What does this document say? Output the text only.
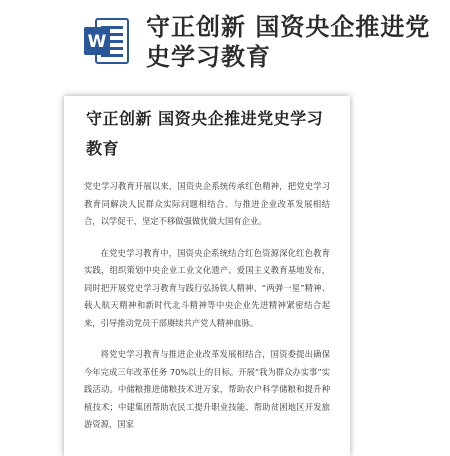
W
守正创新 国资央企推进党史学习教育
守正创新 国资央企推进党史学习教育

党史学习教育开展以来，国资央企系统传承红色精神，把党史学习教育同解决人民群众实际问题相结合、与推进企业改革发展相结合，以学促干，坚定不移做强做优做大国有企业。

在党史学习教育中，国资央企系统结合红色资源深化红色教育实践，组织策划中央企业工业文化遗产、爱国主义教育基地发布，同时把开展党史学习教育与践行弘扬铁人精神、“两弹一星”精神、载人航天精神和新时代北斗精神等中央企业先进精神紧密结合起来，引导推动党员干部赓续共产党人精神血脉。

将党史学习教育与推进企业改革发展相结合，国资委提出确保今年完成三年改革任务 70%以上的目标。开展“我为群众办实事”实践活动。中储粮推进储粮技术进万家，帮助农户科学储粮和提升种植技术；中建集团帮助农民工提升职业技能、帮助贫困地区开发旅游资源，国家
